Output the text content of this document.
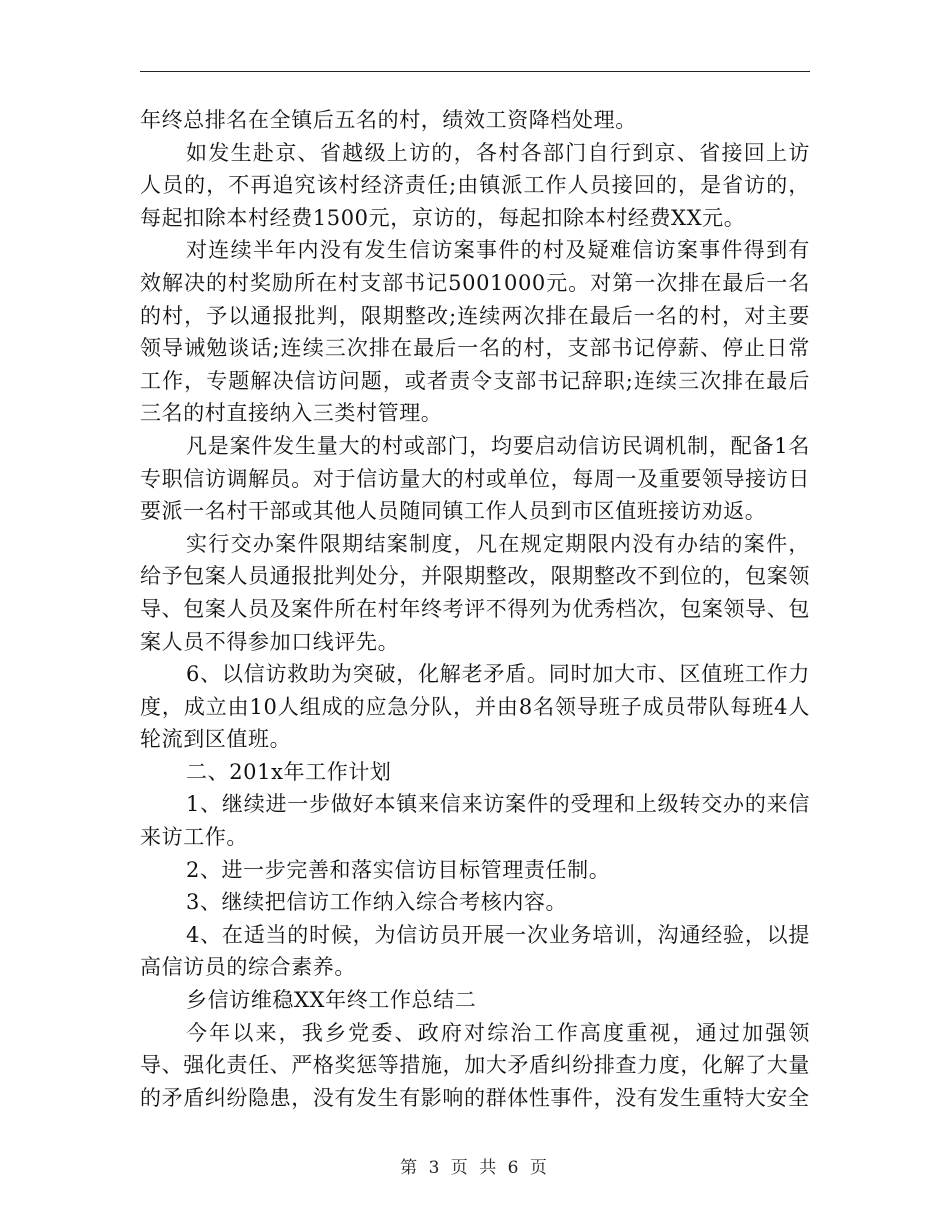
年终总排名在全镇后五名的村，绩效工资降档处理。

如发生赴京、省越级上访的，各村各部门自行到京、省接回上访人员的，不再追究该村经济责任;由镇派工作人员接回的，是省访的，每起扣除本村经费1500元，京访的，每起扣除本村经费XX元。

对连续半年内没有发生信访案事件的村及疑难信访案事件得到有效解决的村奖励所在村支部书记5001000元。对第一次排在最后一名的村，予以通报批判，限期整改;连续两次排在最后一名的村，对主要领导诫勉谈话;连续三次排在最后一名的村，支部书记停薪、停止日常工作，专题解决信访问题，或者责令支部书记辞职;连续三次排在最后三名的村直接纳入三类村管理。

凡是案件发生量大的村或部门，均要启动信访民调机制，配备1名专职信访调解员。对于信访量大的村或单位，每周一及重要领导接访日要派一名村干部或其他人员随同镇工作人员到市区值班接访劝返。

实行交办案件限期结案制度，凡在规定期限内没有办结的案件，给予包案人员通报批判处分，并限期整改，限期整改不到位的，包案领导、包案人员及案件所在村年终考评不得列为优秀档次，包案领导、包案人员不得参加口线评先。

6、以信访救助为突破，化解老矛盾。同时加大市、区值班工作力度，成立由10人组成的应急分队，并由8名领导班子成员带队每班4人轮流到区值班。

二、201x年工作计划

1、继续进一步做好本镇来信来访案件的受理和上级转交办的来信来访工作。

2、进一步完善和落实信访目标管理责任制。

3、继续把信访工作纳入综合考核内容。

4、在适当的时候，为信访员开展一次业务培训，沟通经验，以提高信访员的综合素养。

乡信访维稳XX年终工作总结二

今年以来，我乡党委、政府对综治工作高度重视，通过加强领导、强化责任、严格奖惩等措施，加大矛盾纠纷排查力度，化解了大量的矛盾纠纷隐患，没有发生有影响的群体性事件，没有发生重特大安全

第 3 页 共 6 页
